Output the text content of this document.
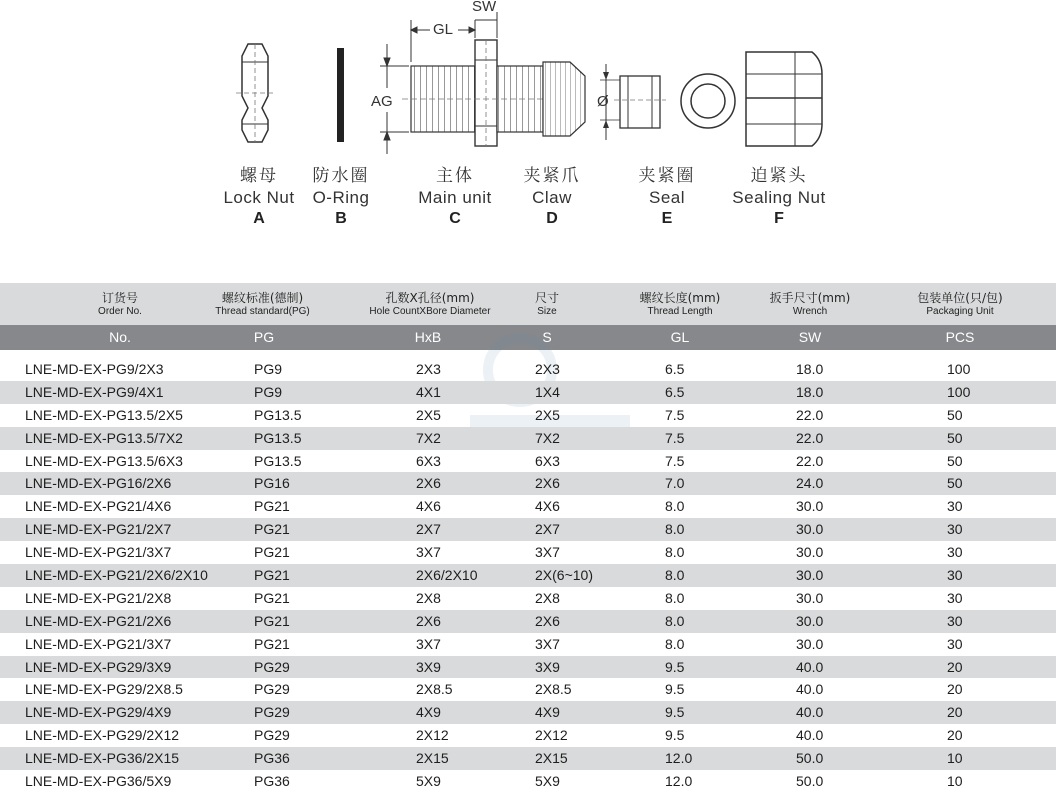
GL
SW
AG	Ø
螺母
Lock Nut
A
防水圈
O-Ring
B
主体
Main unit
C
夹紧爪
Claw
D
夹紧圈
Seal
E
迫紧头
Sealing Nut
F
订货号
Order No.
螺纹标准(德制)
Thread standard(PG)
孔数X孔径(mm)
Hole CountXBore Diameter
尺寸
Size
螺纹长度(mm)
Thread Length
扳手尺寸(mm)
Wrench
包装单位(只/包)
Packaging Unit
No.	PG	HxB	S	GL	SW	PCS
LNE-MD-EX-PG9/2X3	PG9	2X3	2X3	6.5	18.0	100
LNE-MD-EX-PG9/4X1	PG9	4X1	1X4	6.5	18.0	100
LNE-MD-EX-PG13.5/2X5	PG13.5	2X5	2X5	7.5	22.0	50
LNE-MD-EX-PG13.5/7X2	PG13.5	7X2	7X2	7.5	22.0	50
LNE-MD-EX-PG13.5/6X3	PG13.5	6X3	6X3	7.5	22.0	50
LNE-MD-EX-PG16/2X6	PG16	2X6	2X6	7.0	24.0	50
LNE-MD-EX-PG21/4X6	PG21	4X6	4X6	8.0	30.0	30
LNE-MD-EX-PG21/2X7	PG21	2X7	2X7	8.0	30.0	30
LNE-MD-EX-PG21/3X7	PG21	3X7	3X7	8.0	30.0	30
LNE-MD-EX-PG21/2X6/2X10	PG21	2X6/2X10	2X(6~10)	8.0	30.0	30
LNE-MD-EX-PG21/2X8	PG21	2X8	2X8	8.0	30.0	30
LNE-MD-EX-PG21/2X6	PG21	2X6	2X6	8.0	30.0	30
LNE-MD-EX-PG21/3X7	PG21	3X7	3X7	8.0	30.0	30
LNE-MD-EX-PG29/3X9	PG29	3X9	3X9	9.5	40.0	20
LNE-MD-EX-PG29/2X8.5	PG29	2X8.5	2X8.5	9.5	40.0	20
LNE-MD-EX-PG29/4X9	PG29	4X9	4X9	9.5	40.0	20
LNE-MD-EX-PG29/2X12	PG29	2X12	2X12	9.5	40.0	20
LNE-MD-EX-PG36/2X15	PG36	2X15	2X15	12.0	50.0	10
LNE-MD-EX-PG36/5X9	PG36	5X9	5X9	12.0	50.0	10
